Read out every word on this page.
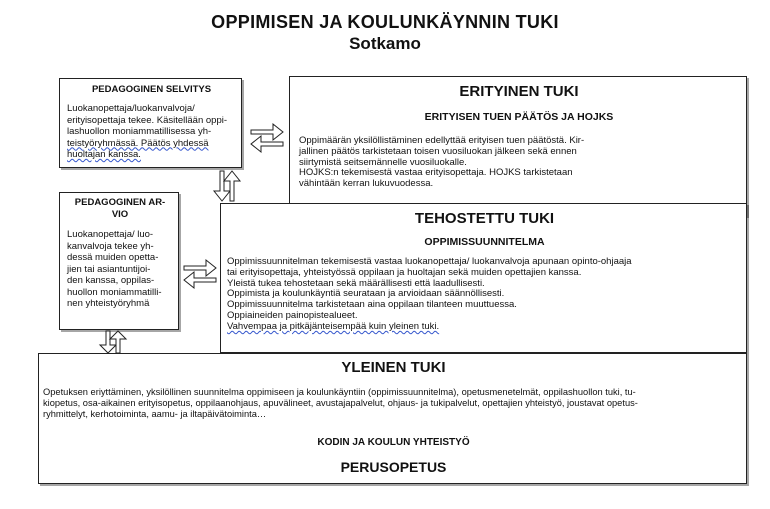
OPPIMISEN JA KOULUNKÄYNNIN TUKI
Sotkamo
PEDAGOGINEN SELVITYS
Luokanopettaja/luokanvalvoja/
erityisopettaja tekee. Käsitellään oppi-
lashuollon moniammatillisessa yh-
teistyöryhmässä. Päätös yhdessä
huoltajan kanssa.
PEDAGOGINEN AR-
VIO
Luokanopettaja/ luo-
kanvalvoja tekee yh-
dessä muiden opetta-
jien tai asiantuntijoi-
den kanssa, oppilas-
huollon moniammatilli-
nen yhteistyöryhmä
ERITYINEN TUKI
ERITYISEN TUEN PÄÄTÖS JA HOJKS
Oppimäärän yksilöllistäminen edellyttää erityisen tuen päätöstä. Kir-
jallinen päätös tarkistetaan toisen vuosiluokan jälkeen sekä ennen
siirtymistä seitsemännelle vuosiluokalle.
HOJKS:n tekemisestä vastaa erityisopettaja. HOJKS tarkistetaan
vähintään kerran lukuvuodessa.
TEHOSTETTU TUKI
OPPIMISSUUNNITELMA
Oppimissuunnitelman tekemisestä vastaa luokanopettaja/ luokanvalvoja apunaan opinto-ohjaaja
tai erityisopettaja, yhteistyössä oppilaan ja huoltajan sekä muiden opettajien kanssa.
Yleistä tukea tehostetaan sekä määrällisesti että laadullisesti.
Oppimista ja koulunkäyntiä seurataan ja arvioidaan säännöllisesti.
Oppimissuunnitelma tarkistetaan aina oppilaan tilanteen muuttuessa.
Oppiaineiden painopistealueet.
Vahvempaa ja pitkäjänteisempää kuin yleinen tuki.
YLEINEN TUKI
Opetuksen eriyttäminen, yksilöllinen suunnitelma oppimiseen ja koulunkäyntiin (oppimissuunnitelma), opetusmenetelmät, oppilashuollon tuki, tu-
kiopetus, osa-aikainen erityisopetus, oppilaanohjaus, apuvälineet, avustajapalvelut, ohjaus- ja tukipalvelut, opettajien yhteistyö, joustavat opetus-
ryhmittelyt, kerhotoiminta, aamu- ja iltapäivätoiminta…
KODIN JA KOULUN YHTEISTYÖ
PERUSOPETUS
